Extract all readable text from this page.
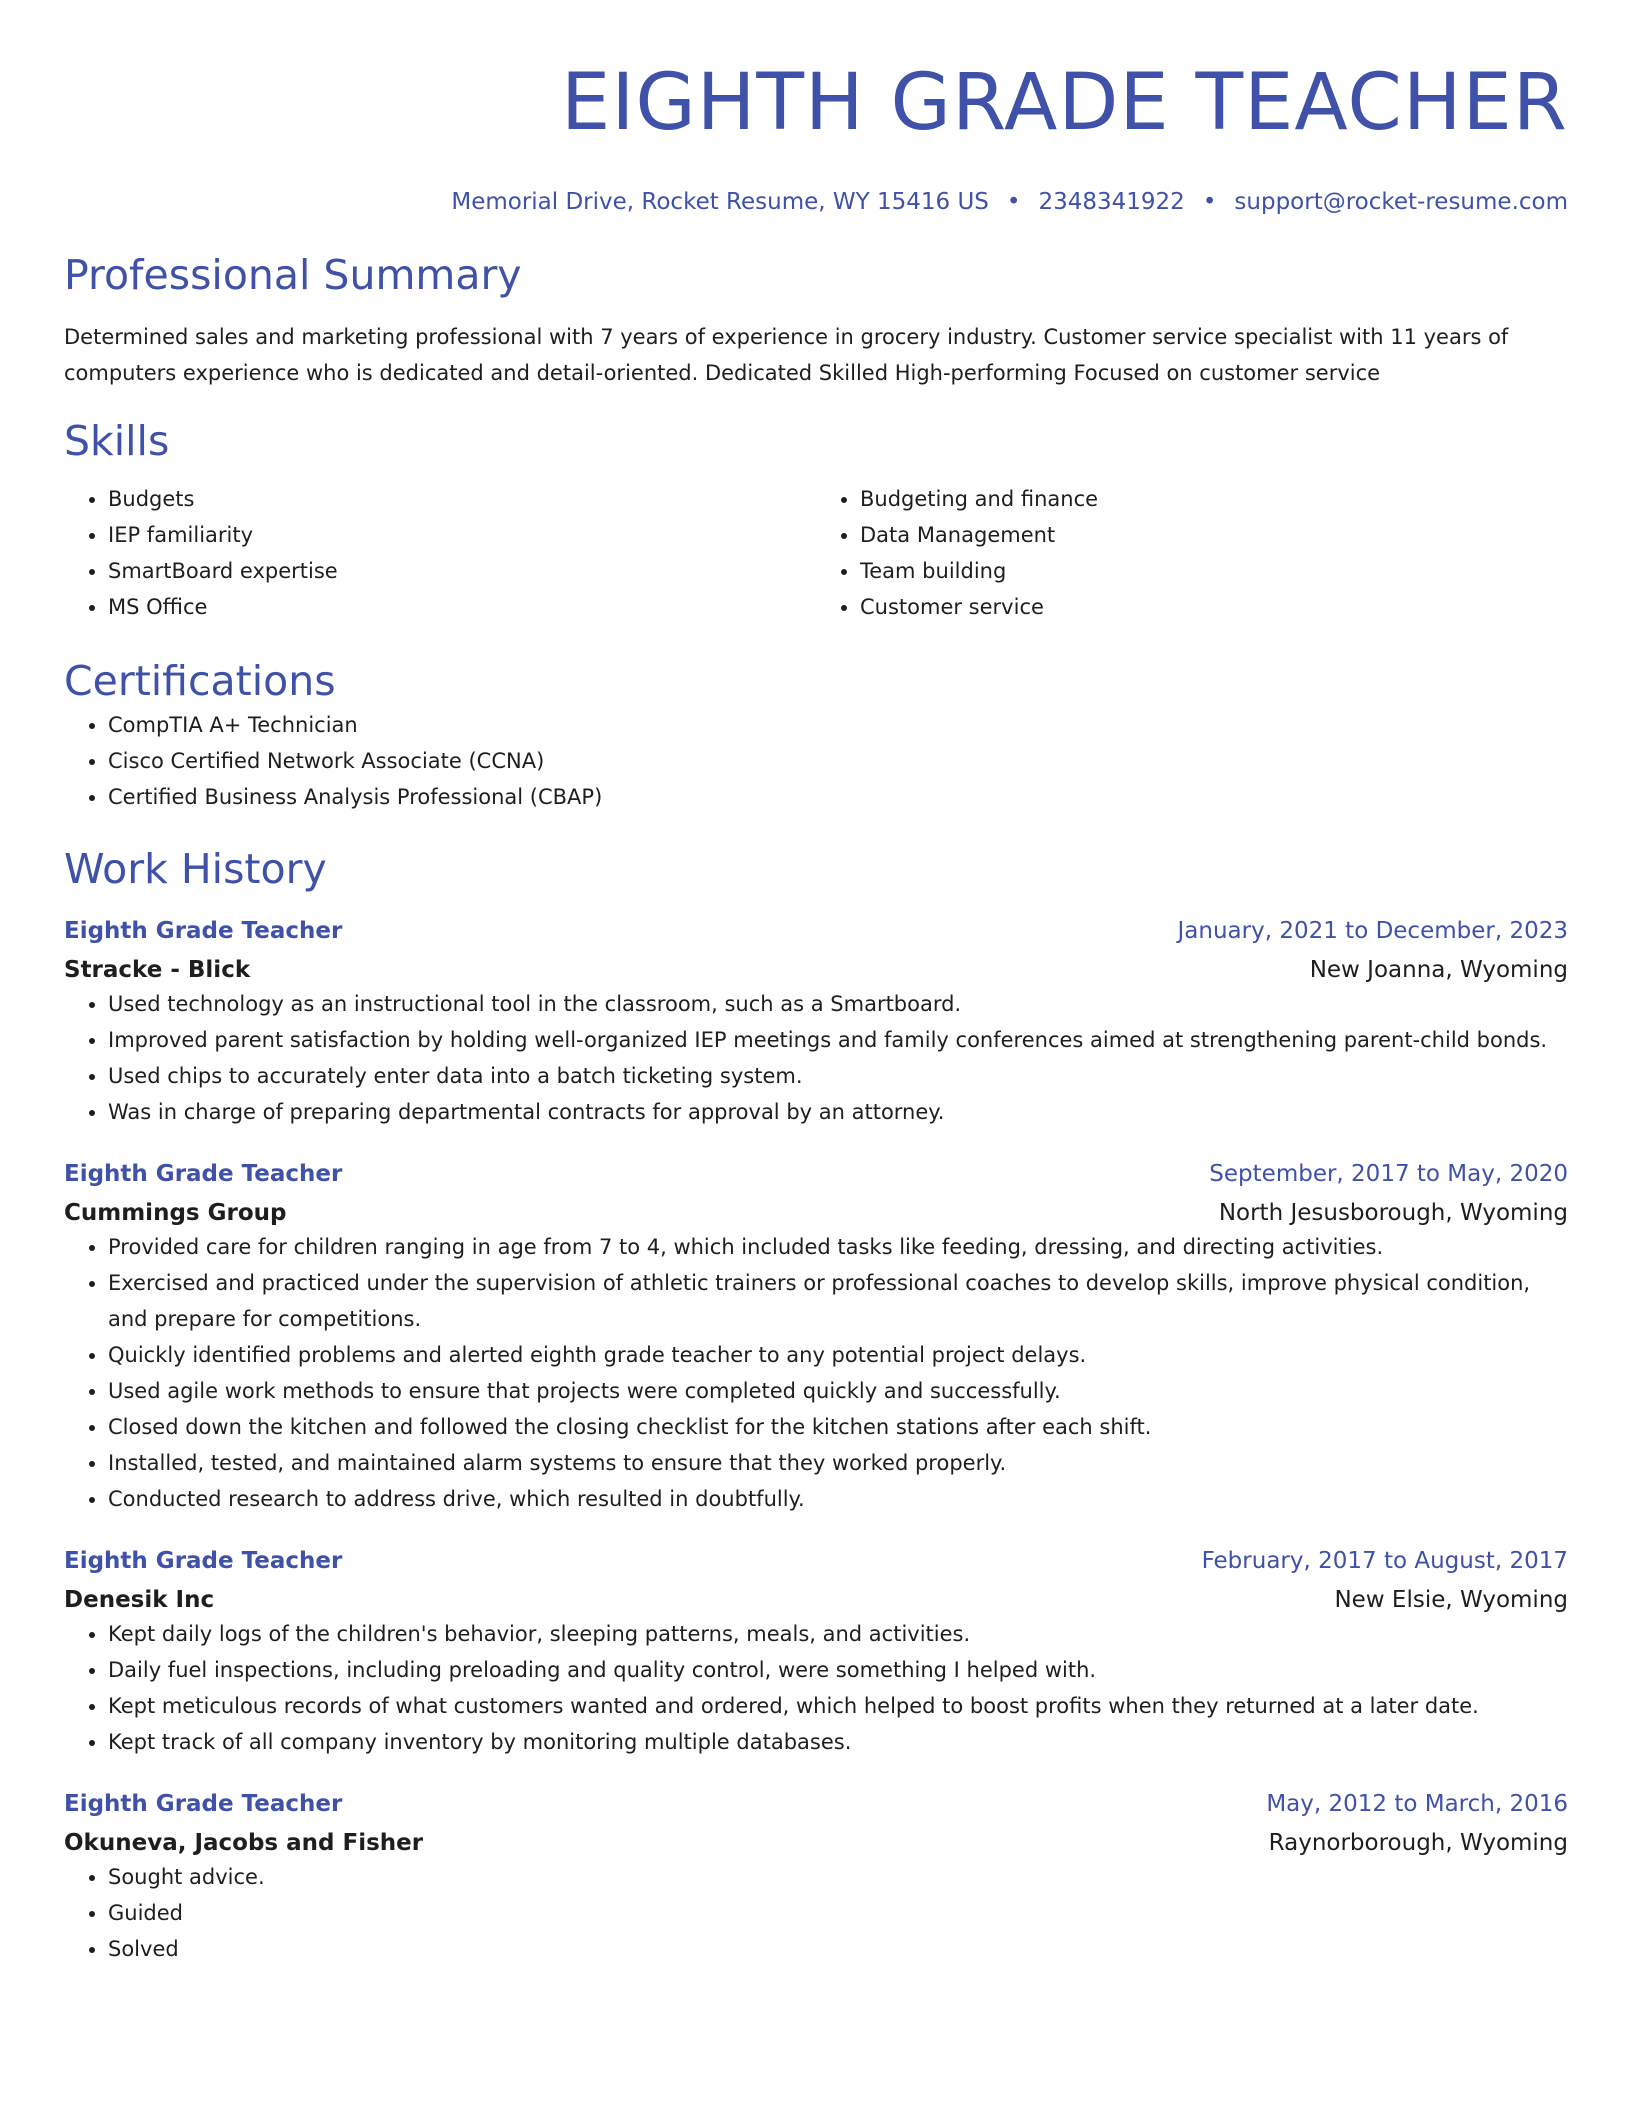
EIGHTH GRADE TEACHER
Memorial Drive, Rocket Resume, WY 15416 US • 2348341922 • support@rocket-resume.com
Professional Summary
Determined sales and marketing professional with 7 years of experience in grocery industry. Customer service specialist with 11 years of computers experience who is dedicated and detail-oriented. Dedicated Skilled High-performing Focused on customer service
Skills
• Budgets
• IEP familiarity
• SmartBoard expertise
• MS Office
• Budgeting and finance
• Data Management
• Team building
• Customer service
Certifications
• CompTIA A+ Technician
• Cisco Certified Network Associate (CCNA)
• Certified Business Analysis Professional (CBAP)
Work History
Eighth Grade Teacher	January, 2021 to December, 2023
Stracke - Blick	New Joanna, Wyoming
• Used technology as an instructional tool in the classroom, such as a Smartboard.
• Improved parent satisfaction by holding well-organized IEP meetings and family conferences aimed at strengthening parent-child bonds.
• Used chips to accurately enter data into a batch ticketing system.
• Was in charge of preparing departmental contracts for approval by an attorney.
Eighth Grade Teacher	September, 2017 to May, 2020
Cummings Group	North Jesusborough, Wyoming
• Provided care for children ranging in age from 7 to 4, which included tasks like feeding, dressing, and directing activities.
• Exercised and practiced under the supervision of athletic trainers or professional coaches to develop skills, improve physical condition, and prepare for competitions.
• Quickly identified problems and alerted eighth grade teacher to any potential project delays.
• Used agile work methods to ensure that projects were completed quickly and successfully.
• Closed down the kitchen and followed the closing checklist for the kitchen stations after each shift.
• Installed, tested, and maintained alarm systems to ensure that they worked properly.
• Conducted research to address drive, which resulted in doubtfully.
Eighth Grade Teacher	February, 2017 to August, 2017
Denesik Inc	New Elsie, Wyoming
• Kept daily logs of the children's behavior, sleeping patterns, meals, and activities.
• Daily fuel inspections, including preloading and quality control, were something I helped with.
• Kept meticulous records of what customers wanted and ordered, which helped to boost profits when they returned at a later date.
• Kept track of all company inventory by monitoring multiple databases.
Eighth Grade Teacher	May, 2012 to March, 2016
Okuneva, Jacobs and Fisher	Raynorborough, Wyoming
• Sought advice.
• Guided
• Solved
